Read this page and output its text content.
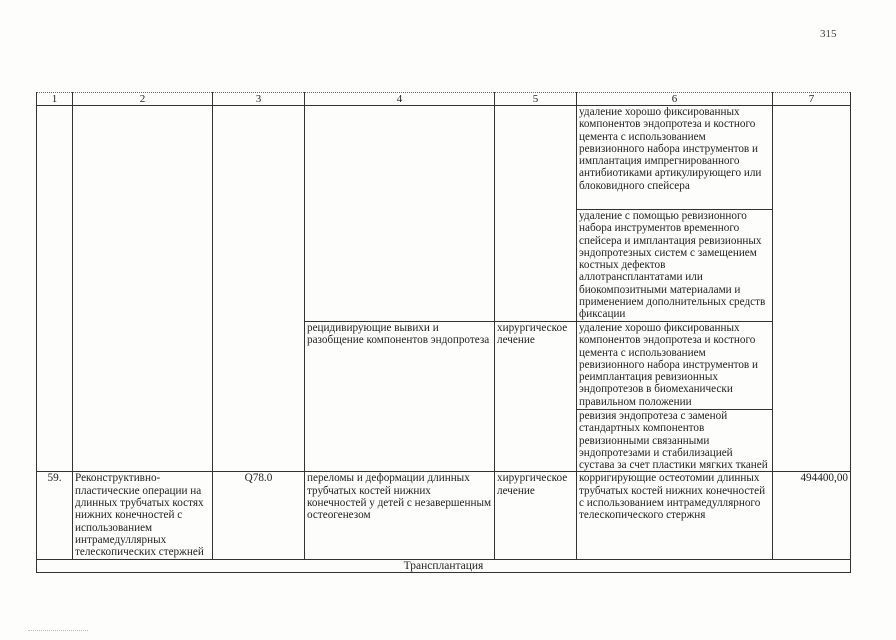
315
1	2	3	4	5	6	7
					удаление хорошо фиксированных компонентов эндопротеза и костного цемента с использованием ревизионного набора инструментов и имплантация импрегнированного антибиотиками артикулирующего или блоковидного спейсера	
					удаление с помощью ревизионного набора инструментов временного спейсера и имплантация ревизионных эндопротезных систем с замещением костных дефектов аллотрансплантатами или биокомпозитными материалами и применением дополнительных средств фиксации	
			рецидивирующие вывихи и разобщение компонентов эндопротеза	хирургическое лечение	удаление хорошо фиксированных компонентов эндопротеза и костного цемента с использованием ревизионного набора инструментов и реимплантация ревизионных эндопротезов в биомеханически правильном положении	
					ревизия эндопротеза с заменой стандартных компонентов ревизионными связанными эндопротезами и стабилизацией сустава за счет пластики мягких тканей	
59.	Реконструктивно-пластические операции на длинных трубчатых костях нижних конечностей с использованием интрамедуллярных телескопических стержней	Q78.0	переломы и деформации длинных трубчатых костей нижних конечностей у детей с незавершенным остеогенезом	хирургическое лечение	корригирующие остеотомии длинных трубчатых костей нижних конечностей с использованием интрамедуллярного телескопического стержня	494400,00
Трансплантация						
